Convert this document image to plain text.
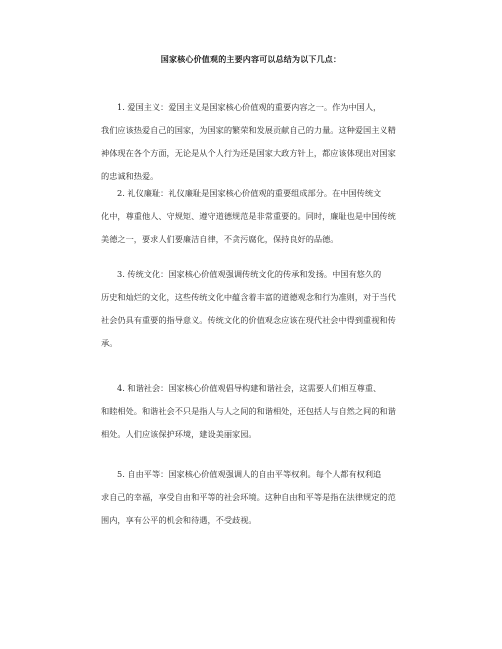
国家核心价值观的主要内容可以总结为以下几点：
1. 爱国主义：爱国主义是国家核心价值观的重要内容之一。作为中国人，
我们应该热爱自己的国家，为国家的繁荣和发展贡献自己的力量。这种爱国主义精
神体现在各个方面，无论是从个人行为还是国家大政方针上，都应该体现出对国家
的忠诚和热爱。
2. 礼仪廉耻：礼仪廉耻是国家核心价值观的重要组成部分。在中国传统文
化中，尊重他人、守规矩、遵守道德规范是非常重要的。同时，廉耻也是中国传统
美德之一，要求人们要廉洁自律，不贪污腐化，保持良好的品德。
3. 传统文化：国家核心价值观强调传统文化的传承和发扬。中国有悠久的
历史和灿烂的文化，这些传统文化中蕴含着丰富的道德观念和行为准则，对于当代
社会仍具有重要的指导意义。传统文化的价值观念应该在现代社会中得到重视和传
承。
4. 和谐社会：国家核心价值观倡导构建和谐社会，这需要人们相互尊重、
和睦相处。和谐社会不只是指人与人之间的和谐相处，还包括人与自然之间的和谐
相处。人们应该保护环境，建设美丽家园。
5. 自由平等：国家核心价值观强调人的自由平等权利。每个人都有权利追
求自己的幸福，享受自由和平等的社会环境。这种自由和平等是指在法律规定的范
围内，享有公平的机会和待遇，不受歧视。
